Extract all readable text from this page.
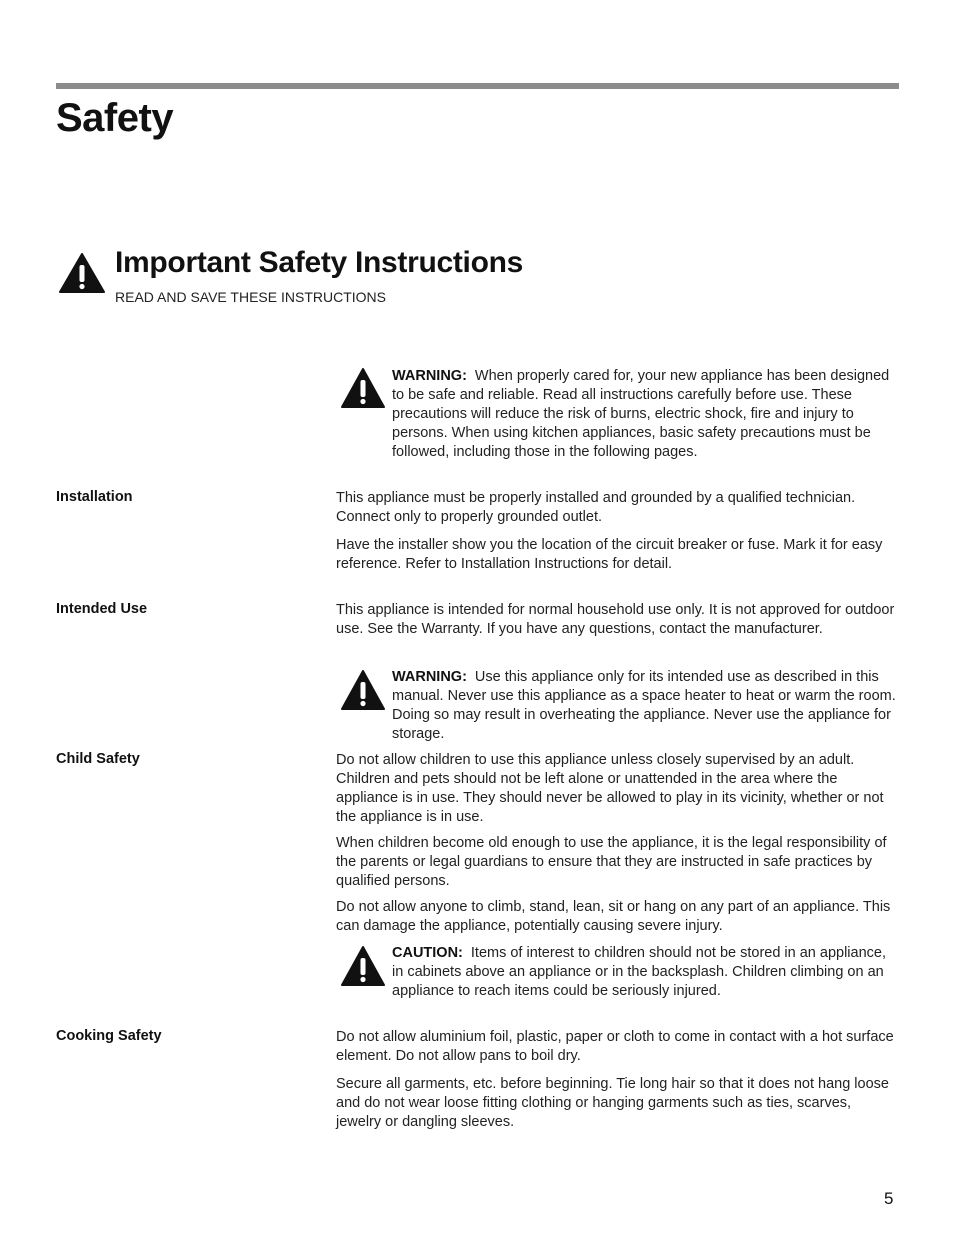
Safety
Important Safety Instructions
READ AND SAVE THESE INSTRUCTIONS

WARNING: When properly cared for, your new appliance has been designed to be safe and reliable. Read all instructions carefully before use. These precautions will reduce the risk of burns, electric shock, fire and injury to persons. When using kitchen appliances, basic safety precautions must be followed, including those in the following pages.

Installation	This appliance must be properly installed and grounded by a qualified technician. Connect only to properly grounded outlet.

Have the installer show you the location of the circuit breaker or fuse. Mark it for easy reference. Refer to Installation Instructions for detail.

Intended Use	This appliance is intended for normal household use only. It is not approved for outdoor use. See the Warranty. If you have any questions, contact the manufacturer.

WARNING: Use this appliance only for its intended use as described in this manual. Never use this appliance as a space heater to heat or warm the room. Doing so may result in overheating the appliance. Never use the appliance for storage.

Child Safety	Do not allow children to use this appliance unless closely supervised by an adult. Children and pets should not be left alone or unattended in the area where the appliance is in use. They should never be allowed to play in its vicinity, whether or not the appliance is in use.

When children become old enough to use the appliance, it is the legal responsibility of the parents or legal guardians to ensure that they are instructed in safe practices by qualified persons.

Do not allow anyone to climb, stand, lean, sit or hang on any part of an appliance. This can damage the appliance, potentially causing severe injury.

CAUTION: Items of interest to children should not be stored in an appliance, in cabinets above an appliance or in the backsplash. Children climbing on an appliance to reach items could be seriously injured.

Cooking Safety	Do not allow aluminium foil, plastic, paper or cloth to come in contact with a hot surface element. Do not allow pans to boil dry.

Secure all garments, etc. before beginning. Tie long hair so that it does not hang loose and do not wear loose fitting clothing or hanging garments such as ties, scarves, jewelry or dangling sleeves.

5
